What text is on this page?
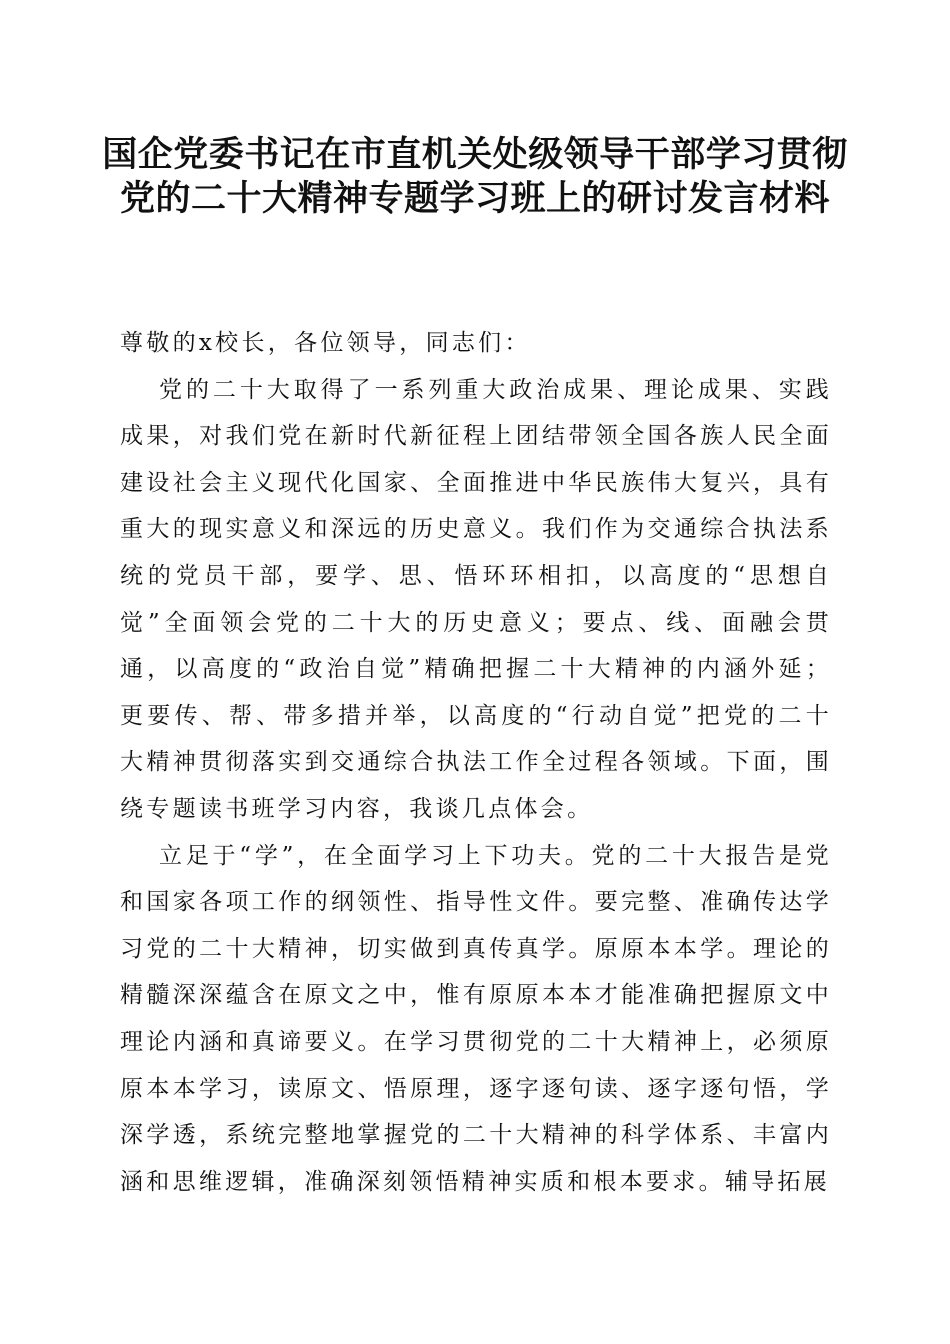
国企党委书记在市直机关处级领导干部学习贯彻党的二十大精神专题学习班上的研讨发言材料

尊敬的x校长，各位领导，同志们：

党的二十大取得了一系列重大政治成果、理论成果、实践成果，对我们党在新时代新征程上团结带领全国各族人民全面建设社会主义现代化国家、全面推进中华民族伟大复兴，具有重大的现实意义和深远的历史意义。我们作为交通综合执法系统的党员干部，要学、思、悟环环相扣，以高度的“思想自觉”全面领会党的二十大的历史意义；要点、线、面融会贯通，以高度的“政治自觉”精确把握二十大精神的内涵外延；更要传、帮、带多措并举，以高度的“行动自觉”把党的二十大精神贯彻落实到交通综合执法工作全过程各领域。下面，围绕专题读书班学习内容，我谈几点体会。

立足于“学”，在全面学习上下功夫。党的二十大报告是党和国家各项工作的纲领性、指导性文件。要完整、准确传达学习党的二十大精神，切实做到真传真学。原原本本学。理论的精髓深深蕴含在原文之中，惟有原原本本才能准确把握原文中理论内涵和真谛要义。在学习贯彻党的二十大精神上，必须原原本本学习，读原文、悟原理，逐字逐句读、逐字逐句悟，学深学透，系统完整地掌握党的二十大精神的科学体系、丰富内涵和思维逻辑，准确深刻领悟精神实质和根本要求。辅导拓展
